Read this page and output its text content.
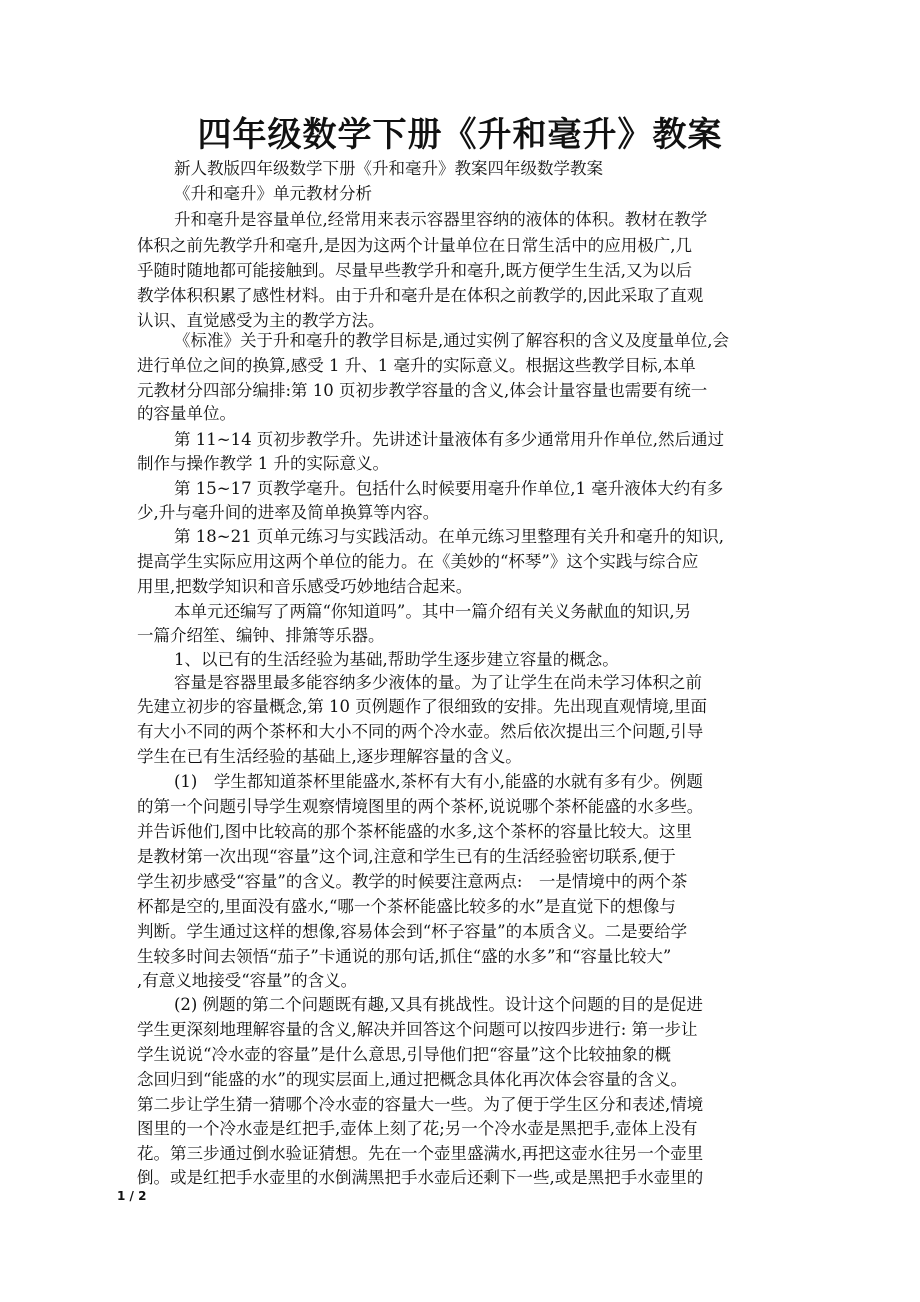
四年级数学下册《升和毫升》教案

新人教版四年级数学下册《升和毫升》教案四年级数学教案

《升和毫升》单元教材分析

升和毫升是容量单位,经常用来表示容器里容纳的液体的体积。教材在教学

体积之前先教学升和毫升,是因为这两个计量单位在日常生活中的应用极广,几

乎随时随地都可能接触到。尽量早些教学升和毫升,既方便学生生活,又为以后

教学体积积累了感性材料。由于升和毫升是在体积之前教学的,因此采取了直观

认识、直觉感受为主的教学方法。

《标准》关于升和毫升的教学目标是,通过实例了解容积的含义及度量单位,会

进行单位之间的换算,感受 1 升、1 毫升的实际意义。根据这些教学目标,本单

元教材分四部分编排:第 10 页初步教学容量的含义,体会计量容量也需要有统一

的容量单位。

第 11~14 页初步教学升。先讲述计量液体有多少通常用升作单位,然后通过

制作与操作教学 1 升的实际意义。

第 15~17 页教学毫升。包括什么时候要用毫升作单位,1 毫升液体大约有多

少,升与毫升间的进率及简单换算等内容。

第 18~21 页单元练习与实践活动。在单元练习里整理有关升和毫升的知识,

提高学生实际应用这两个单位的能力。在《美妙的“杯琴”》这个实践与综合应

用里,把数学知识和音乐感受巧妙地结合起来。

本单元还编写了两篇“你知道吗”。其中一篇介绍有关义务献血的知识,另

一篇介绍笙、编钟、排箫等乐器。

1、以已有的生活经验为基础,帮助学生逐步建立容量的概念。

容量是容器里最多能容纳多少液体的量。为了让学生在尚未学习体积之前

先建立初步的容量概念,第 10 页例题作了很细致的安排。先出现直观情境,里面

有大小不同的两个茶杯和大小不同的两个冷水壶。然后依次提出三个问题,引导

学生在已有生活经验的基础上,逐步理解容量的含义。

(1)　学生都知道茶杯里能盛水,茶杯有大有小,能盛的水就有多有少。例题

的第一个问题引导学生观察情境图里的两个茶杯,说说哪个茶杯能盛的水多些。

并告诉他们,图中比较高的那个茶杯能盛的水多,这个茶杯的容量比较大。这里

是教材第一次出现“容量”这个词,注意和学生已有的生活经验密切联系,便于

学生初步感受“容量”的含义。教学的时候要注意两点:　一是情境中的两个茶

杯都是空的,里面没有盛水,“哪一个茶杯能盛比较多的水”是直觉下的想像与

判断。学生通过这样的想像,容易体会到“杯子容量”的本质含义。二是要给学

生较多时间去领悟“茄子”卡通说的那句话,抓住“盛的水多”和“容量比较大”

,有意义地接受“容量”的含义。

(2) 例题的第二个问题既有趣,又具有挑战性。设计这个问题的目的是促进

学生更深刻地理解容量的含义,解决并回答这个问题可以按四步进行: 第一步让

学生说说“冷水壶的容量”是什么意思,引导他们把“容量”这个比较抽象的概

念回归到“能盛的水”的现实层面上,通过把概念具体化再次体会容量的含义。

第二步让学生猜一猜哪个冷水壶的容量大一些。为了便于学生区分和表述,情境

图里的一个冷水壶是红把手,壶体上刻了花;另一个冷水壶是黑把手,壶体上没有

花。第三步通过倒水验证猜想。先在一个壶里盛满水,再把这壶水往另一个壶里

倒。或是红把手水壶里的水倒满黑把手水壶后还剩下一些,或是黑把手水壶里的

1 / 2
